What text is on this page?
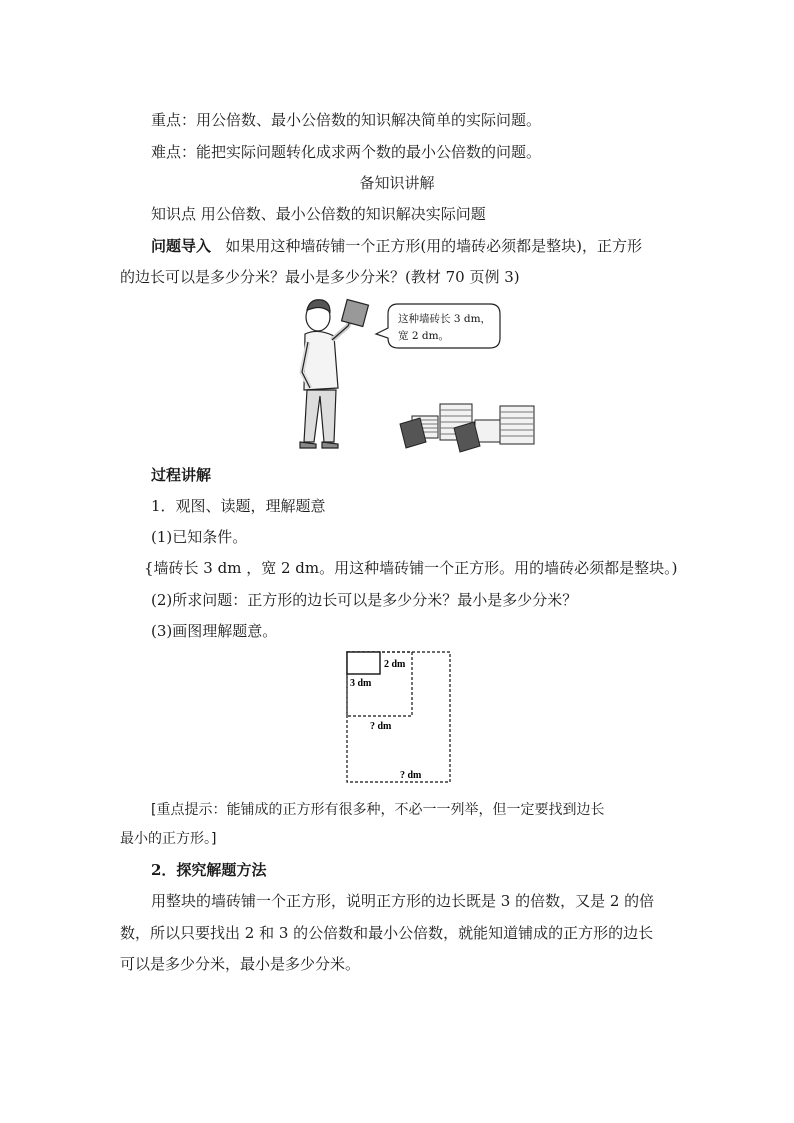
重点：用公倍数、最小公倍数的知识解决简单的实际问题。
难点：能把实际问题转化成求两个数的最小公倍数的问题。
备知识讲解
知识点 用公倍数、最小公倍数的知识解决实际问题
问题导入 如果用这种墙砖铺一个正方形(用的墙砖必须都是整块)，正方形
的边长可以是多少分米？最小是多少分米？(教材 70 页例 3)
这种墙砖长 3 dm，
宽 2 dm。
过程讲解
1．观图、读题，理解题意
(1)已知条件。
{墙砖长 3 dm ，宽 2 dm。用这种墙砖铺一个正方形。用的墙砖必须都是整块。)
(2)所求问题：正方形的边长可以是多少分米？最小是多少分米？
(3)画图理解题意。
2 dm
3 dm
? dm
? dm
[重点提示：能铺成的正方形有很多种，不必一一列举，但一定要找到边长
最小的正方形。]
2．探究解题方法
用整块的墙砖铺一个正方形，说明正方形的边长既是 3 的倍数，又是 2 的倍
数，所以只要找出 2 和 3 的公倍数和最小公倍数，就能知道铺成的正方形的边长
可以是多少分米，最小是多少分米。
